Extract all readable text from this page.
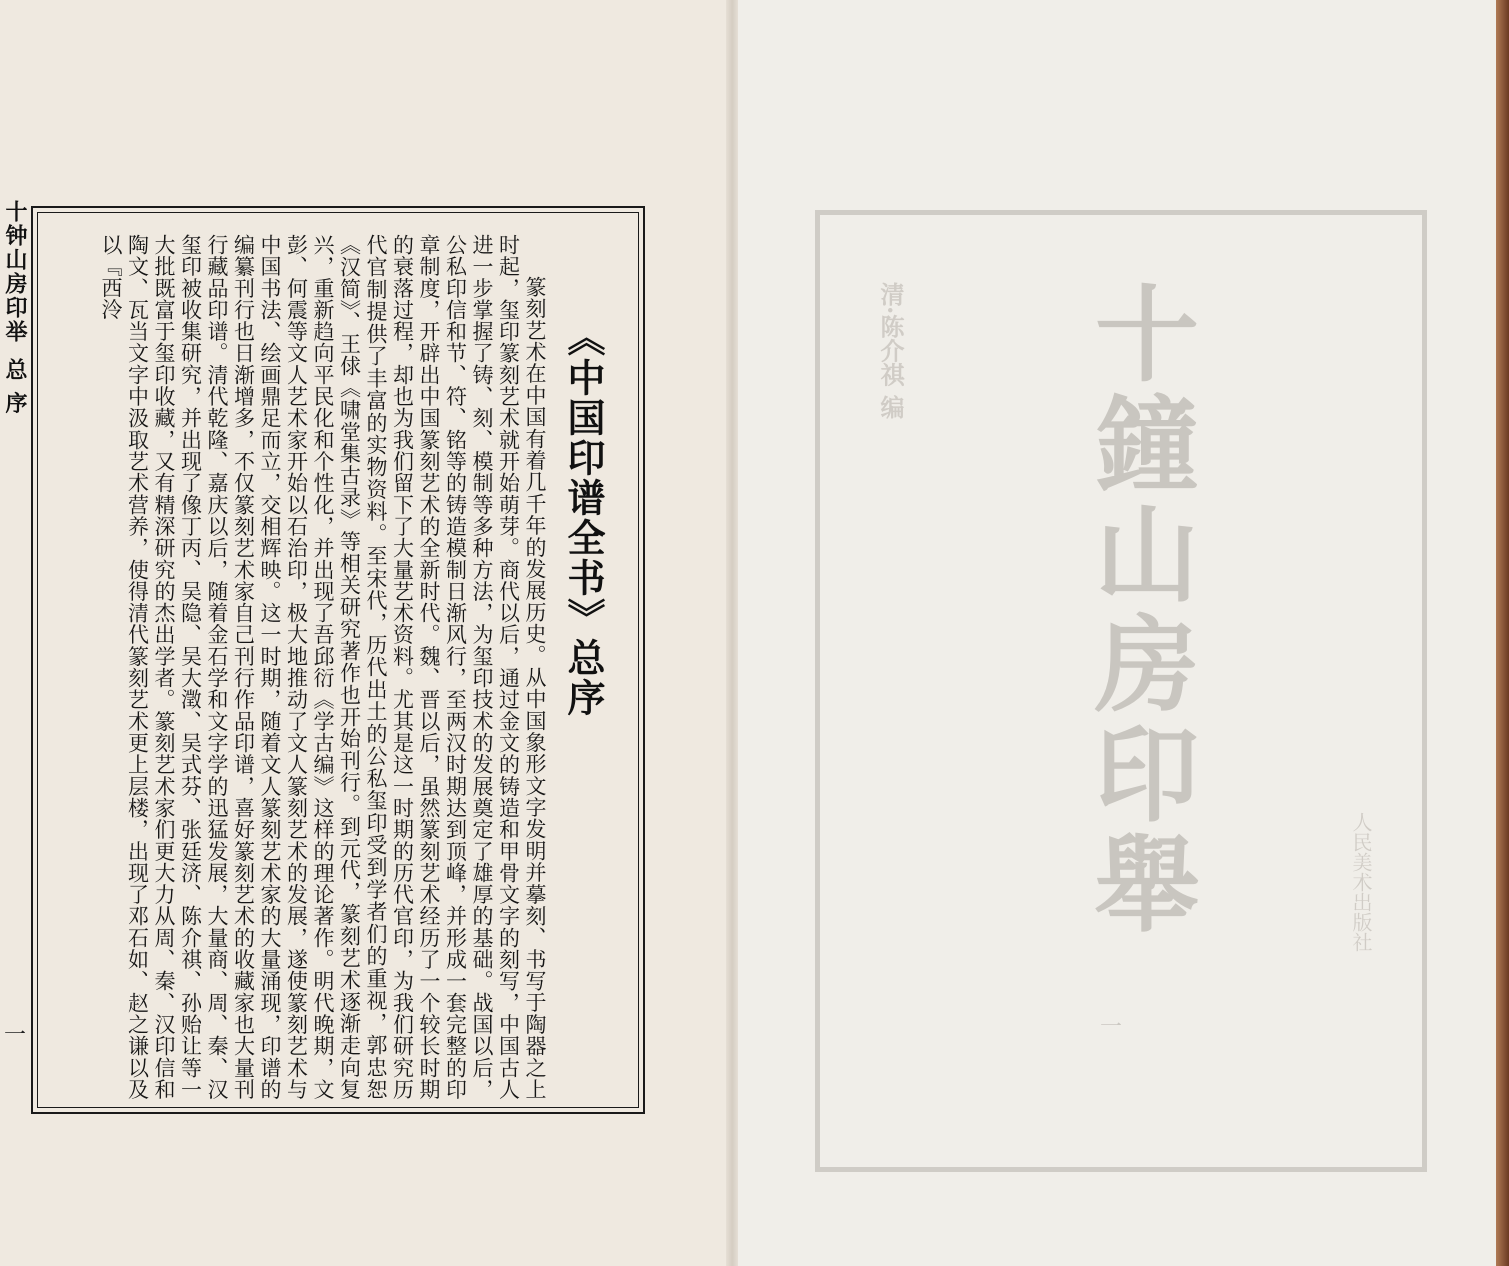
十钟山房印举总 序
一
《中国印谱全书》总序

篆刻艺术在中国有着几千年的发展历史。从中国象形文字发明并摹刻、书写于陶器之上时起，玺印篆刻艺术就开始萌芽。商代以后，通过金文的铸造和甲骨文字的刻写，中国古人进一步掌握了铸、刻、模制等多种方法，为玺印技术的发展奠定了雄厚的基础。战国以后，公私印信和节、符、铭等的铸造模制日渐风行，至两汉时期达到顶峰，并形成一套完整的印章制度，开辟出中国篆刻艺术的全新时代。魏、晋以后，虽然篆刻艺术经历了一个较长时期的衰落过程，却也为我们留下了大量艺术资料。尤其是这一时期的历代官印，为我们研究历代官制提供了丰富的实物资料。至宋代，历代出土的公私玺印受到学者们的重视，郭忠恕《汉简》、王俅《啸堂集古录》等相关研究著作也开始刊行。到元代，篆刻艺术逐渐走向复兴，重新趋向平民化和个性化，并出现了吾邱衍《学古编》这样的理论著作。明代晚期，文彭、何震等文人艺术家开始以石治印，极大地推动了文人篆刻艺术的发展，遂使篆刻艺术与中国书法、绘画鼎足而立，交相辉映。这一时期，随着文人篆刻艺术家的大量涌现，印谱的编纂刊行也日渐增多，不仅篆刻艺术家自己刊行作品印谱，喜好篆刻艺术的收藏家也大量刊行藏品印谱。清代乾隆、嘉庆以后，随着金石学和文字学的迅猛发展，大量商、周、秦、汉玺印被收集研究，并出现了像丁丙、吴隐、吴大澂、吴式芬、张廷济、陈介祺、孙贻让等一大批既富于玺印收藏，又有精深研究的杰出学者。篆刻艺术家们更大力从周、秦、汉印信和陶文、瓦当文字中汲取艺术营养，使得清代篆刻艺术更上层楼，出现了邓石如、赵之谦以及以『西泠

十鐘山房印舉
清·陈介祺 编
人民美术出版社
一
